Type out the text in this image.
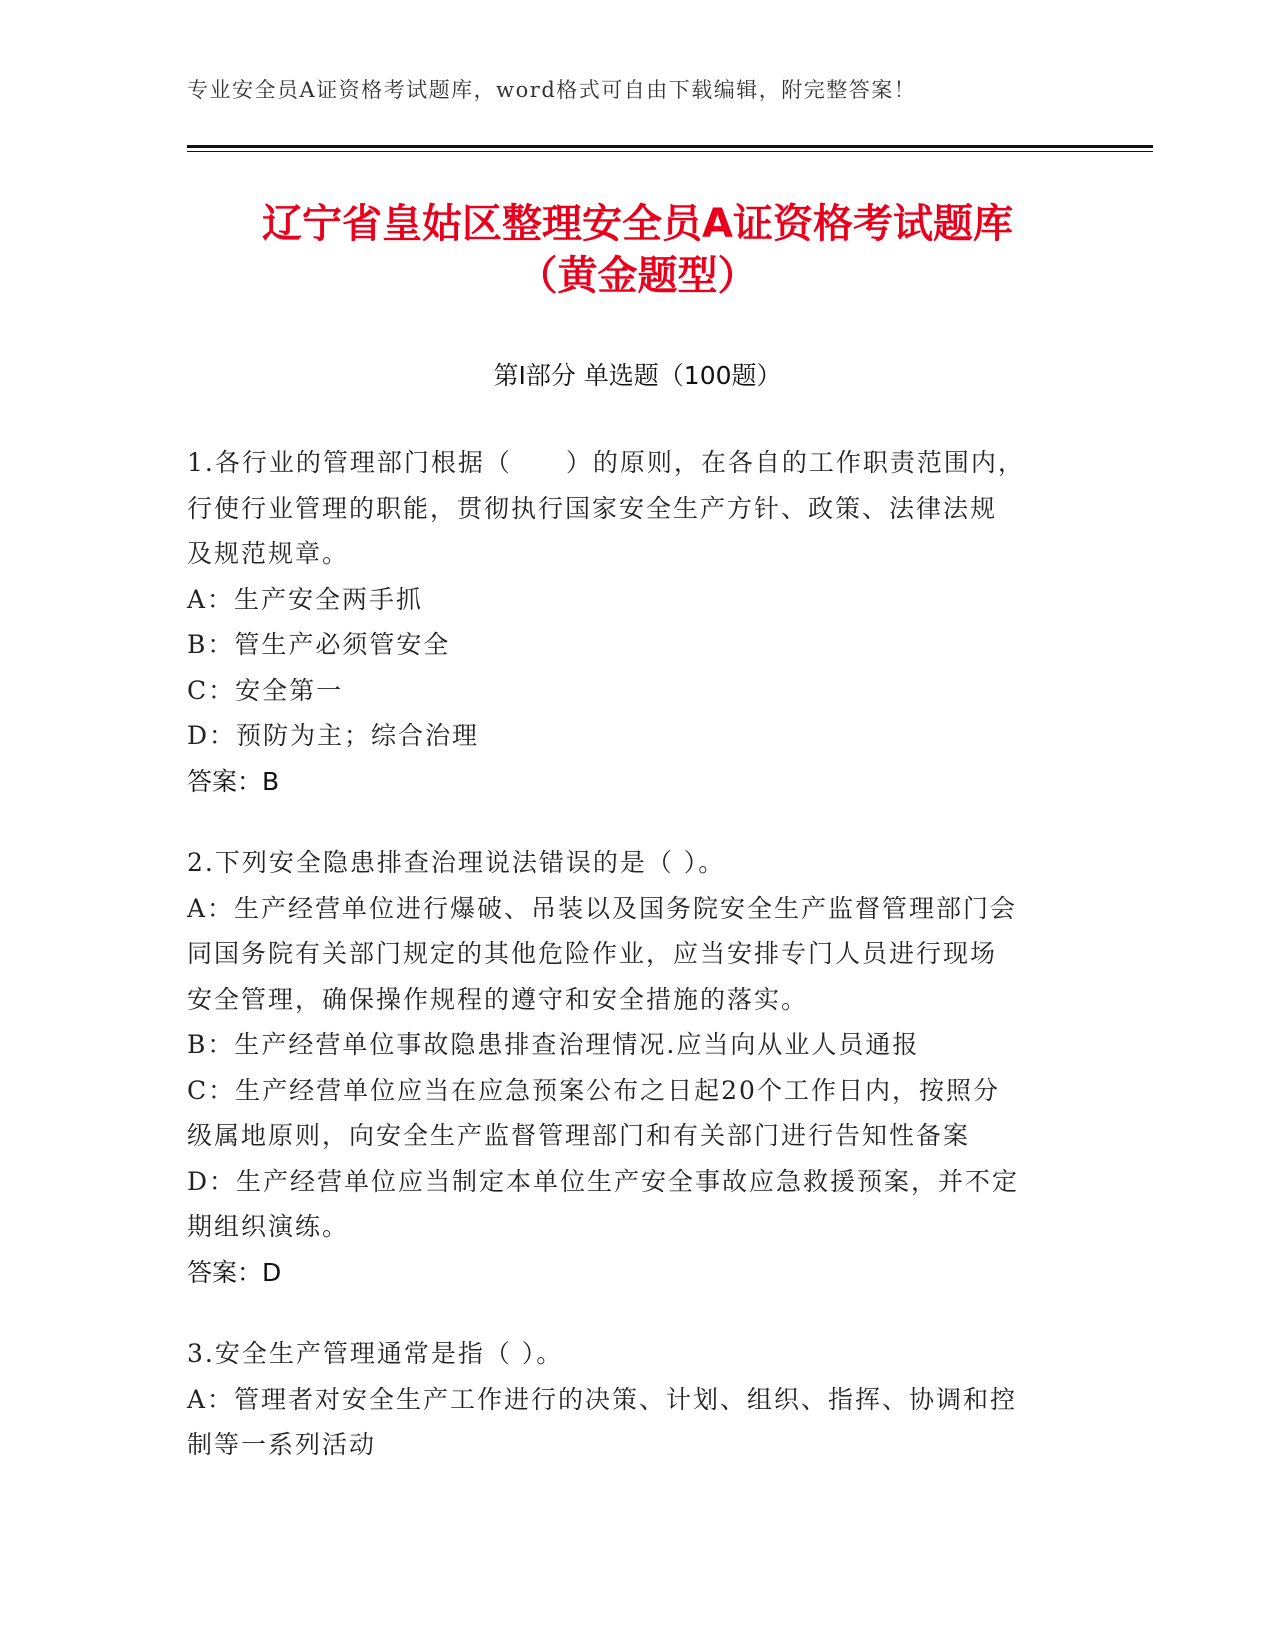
专业安全员A证资格考试题库，word格式可自由下载编辑，附完整答案！
辽宁省皇姑区整理安全员A证资格考试题库
（黄金题型）
第Ⅰ部分 单选题（100题）
1.各行业的管理部门根据（　　）的原则，在各自的工作职责范围内，
行使行业管理的职能，贯彻执行国家安全生产方针、政策、法律法规
及规范规章。
A：生产安全两手抓
B：管生产必须管安全
C：安全第一
D：预防为主；综合治理
答案：B
2.下列安全隐患排查治理说法错误的是（ ）。
A：生产经营单位进行爆破、吊装以及国务院安全生产监督管理部门会
同国务院有关部门规定的其他危险作业，应当安排专门人员进行现场
安全管理，确保操作规程的遵守和安全措施的落实。
B：生产经营单位事故隐患排查治理情况.应当向从业人员通报
C：生产经营单位应当在应急预案公布之日起20个工作日内，按照分
级属地原则，向安全生产监督管理部门和有关部门进行告知性备案
D：生产经营单位应当制定本单位生产安全事故应急救援预案，并不定
期组织演练。
答案：D
3.安全生产管理通常是指（ ）。
A：管理者对安全生产工作进行的决策、计划、组织、指挥、协调和控
制等一系列活动
